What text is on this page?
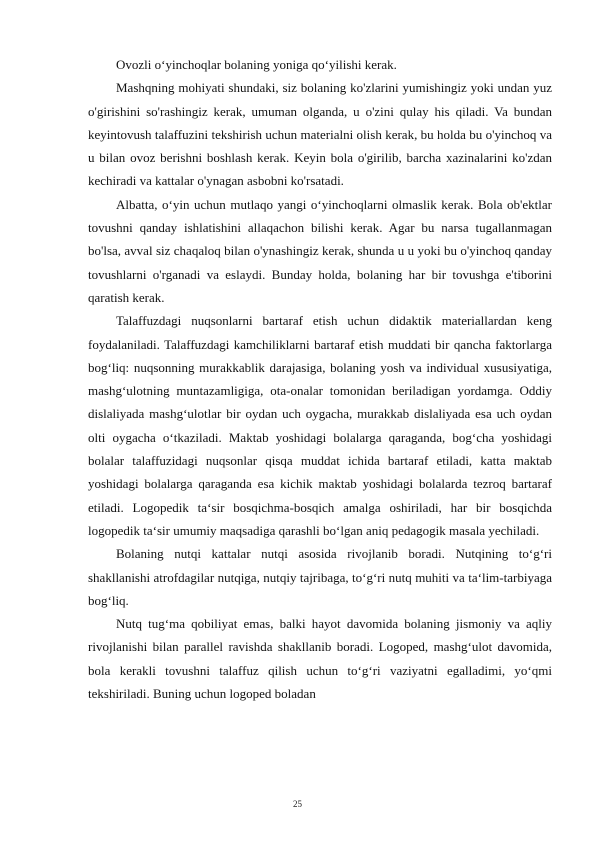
Ovozli o‘yinchoqlar bolaning yoniga qo‘yilishi kerak.

Mashqning mohiyati shundaki, siz bolaning ko'zlarini yumishingiz yoki undan yuz o'girishini so'rashingiz kerak, umuman olganda, u o'zini qulay his qiladi. Va bundan keyintovush talaffuzini tekshirish uchun materialni olish kerak, bu holda bu o'yinchoq va u bilan ovoz berishni boshlash kerak. Keyin bola o'girilib, barcha xazinalarini ko'zdan kechiradi va kattalar o'ynagan asbobni ko'rsatadi.

Albatta, o‘yin uchun mutlaqo yangi o‘yinchoqlarni olmaslik kerak. Bola ob'ektlar tovushni qanday ishlatishini allaqachon bilishi kerak. Agar bu narsa tugallanmagan bo'lsa, avval siz chaqaloq bilan o'ynashingiz kerak, shunda u u yoki bu o'yinchoq qanday tovushlarni o'rganadi va eslaydi. Bunday holda, bolaning har bir tovushga e'tiborini qaratish kerak.

Talaffuzdagi nuqsonlarni bartaraf etish uchun didaktik materiallardan keng foydalaniladi. Talaffuzdagi kamchiliklarni bartaraf etish muddati bir qancha faktorlarga bog‘liq: nuqsonning murakkablik darajasiga, bolaning yosh va individual xususiyatiga, mashg‘ulotning muntazamligiga, ota-onalar tomonidan beriladigan yordamga. Oddiy dislaliyada mashg‘ulotlar bir oydan uch oygacha, murakkab dislaliyada esa uch oydan olti oygacha o‘tkaziladi. Maktab yoshidagi bolalarga qaraganda, bog‘cha yoshidagi bolalar talaffuzidagi nuqsonlar qisqa muddat ichida bartaraf etiladi, katta maktab yoshidagi bolalarga qaraganda esa kichik maktab yoshidagi bolalarda tezroq bartaraf etiladi. Logopedik ta‘sir bosqichma-bosqich amalga oshiriladi, har bir bosqichda logopedik ta‘sir umumiy maqsadiga qarashli bo‘lgan aniq pedagogik masala yechiladi.

Bolaning nutqi kattalar nutqi asosida rivojlanib boradi. Nutqining to‘g‘ri shakllanishi atrofdagilar nutqiga, nutqiy tajribaga, to‘g‘ri nutq muhiti va ta‘lim-tarbiyaga bog‘liq.

Nutq tug‘ma qobiliyat emas, balki hayot davomida bolaning jismoniy va aqliy rivojlanishi bilan parallel ravishda shakllanib boradi. Logoped, mashg‘ulot davomida, bola kerakli tovushni talaffuz qilish uchun to‘g‘ri vaziyatni egalladimi, yo‘qmi tekshiriladi. Buning uchun logoped boladan

25
